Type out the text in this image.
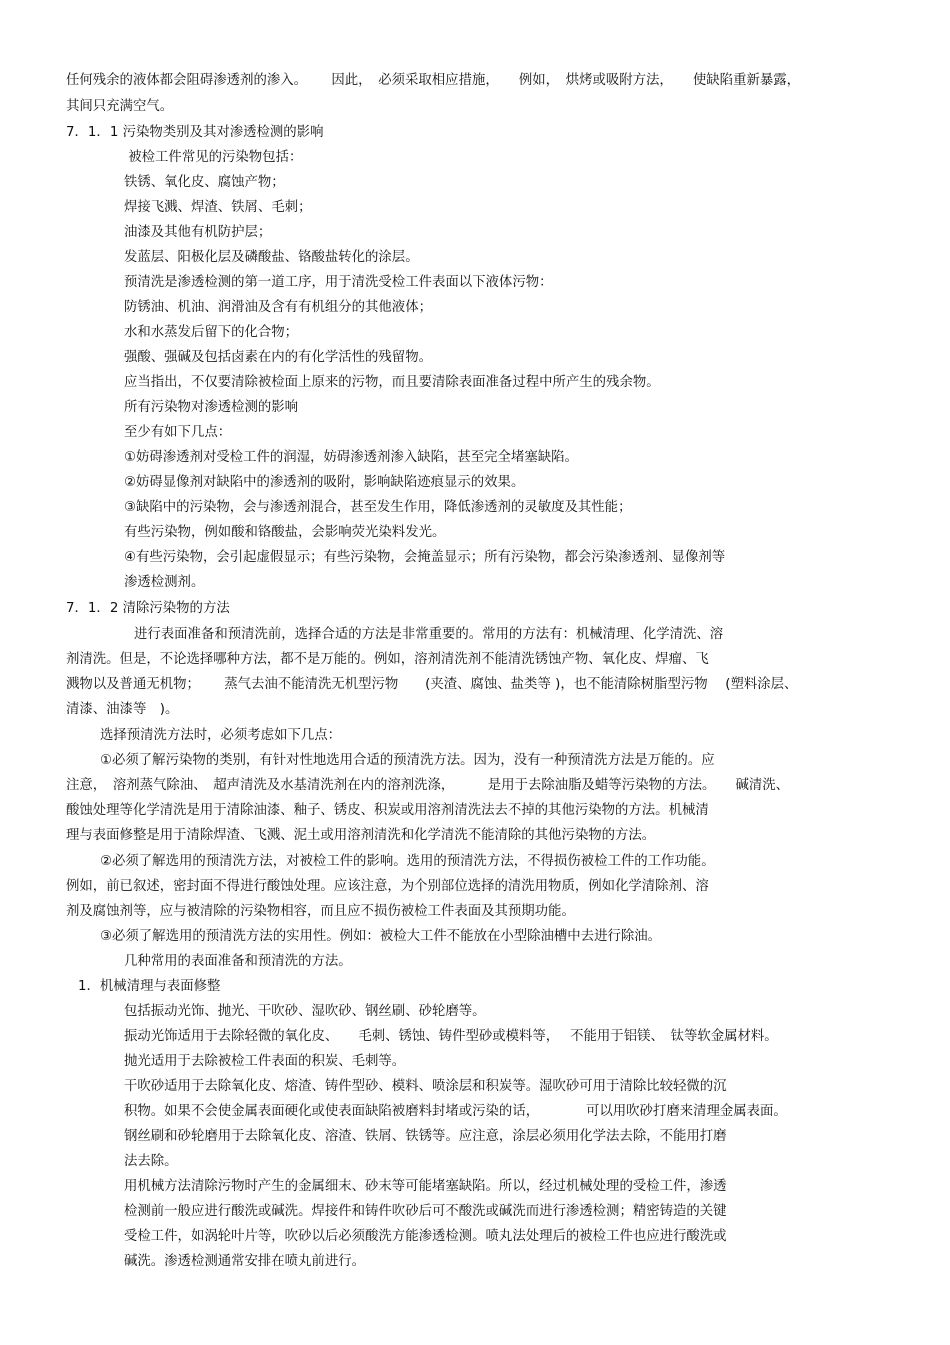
任何残余的液体都会阻碍渗透剂的渗入。　　 因此，　必须采取相应措施，　　例如，　烘烤或吸附方法，　　使缺陷重新暴露，
其间只充满空气。
7．1．1 污染物类别及其对渗透检测的影响
被检工件常见的污染物包括：
铁锈、氧化皮、腐蚀产物；
焊接飞溅、焊渣、铁屑、毛刺；
油漆及其他有机防护层；
发蓝层、阳极化层及磷酸盐、铬酸盐转化的涂层。
预清洗是渗透检测的第一道工序，用于清洗受检工件表面以下液体污物：
防锈油、机油、润滑油及含有有机组分的其他液体；
水和水蒸发后留下的化合物；
强酸、强碱及包括卤素在内的有化学活性的残留物。
应当指出，不仅要清除被检面上原来的污物，而且要清除表面准备过程中所产生的残余物。
所有污染物对渗透检测的影响
至少有如下几点：
①妨碍渗透剂对受检工件的润湿，妨碍渗透剂渗入缺陷，甚至完全堵塞缺陷。
②妨碍显像剂对缺陷中的渗透剂的吸附，影响缺陷迹痕显示的效果。
③缺陷中的污染物，会与渗透剂混合，甚至发生作用，降低渗透剂的灵敏度及其性能；
有些污染物，例如酸和铬酸盐，会影响荧光染料发光。
④有些污染物，会引起虚假显示；有些污染物，会掩盖显示；所有污染物，都会污染渗透剂、显像剂等
渗透检测剂。
7．1．2 清除污染物的方法
进行表面准备和预清洗前，选择合适的方法是非常重要的。常用的方法有：机械清理、化学清洗、溶
剂清洗。但是，不论选择哪种方法，都不是万能的。例如，溶剂清洗剂不能清洗锈蚀产物、氧化皮、焊瘤、飞
溅物以及普通无机物；　　 蒸气去油不能清洗无机型污物　　(夹渣、腐蚀、盐类等 )，也不能清除树脂型污物　 (塑料涂层、
清漆、油漆等　)。
选择预清洗方法时，必须考虑如下几点：
①必须了解污染物的类别，有针对性地选用合适的预清洗方法。因为，没有一种预清洗方法是万能的。应
注意，　溶剂蒸气除油、　超声清洗及水基清洗剂在内的溶剂洗涤，　　　是用于去除油脂及蜡等污染物的方法。　　碱清洗、
酸蚀处理等化学清洗是用于清除油漆、釉子、锈皮、积炭或用溶剂清洗法去不掉的其他污染物的方法。机械清
理与表面修整是用于清除焊渣、飞溅、泥土或用溶剂清洗和化学清洗不能清除的其他污染物的方法。
②必须了解选用的预清洗方法，对被检工件的影响。选用的预清洗方法，不得损伤被检工件的工作功能。
例如，前已叙述，密封面不得进行酸蚀处理。应该注意，为个别部位选择的清洗用物质，例如化学清除剂、溶
剂及腐蚀剂等，应与被清除的污染物相容，而且应不损伤被检工件表面及其预期功能。
③必须了解选用的预清洗方法的实用性。例如：被检大工件不能放在小型除油槽中去进行除油。
几种常用的表面准备和预清洗的方法。
1．机械清理与表面修整
包括振动光饰、抛光、干吹砂、湿吹砂、钢丝刷、砂轮磨等。
振动光饰适用于去除轻微的氧化皮、　　毛刺、锈蚀、铸件型砂或模料等，　 不能用于铝镁、　钛等软金属材料。
抛光适用于去除被检工件表面的积炭、毛刺等。
干吹砂适用于去除氧化皮、熔渣、铸件型砂、模料、喷涂层和积炭等。湿吹砂可用于清除比较轻微的沉
积物。如果不会使金属表面硬化或使表面缺陷被磨料封堵或污染的话，　　　　可以用吹砂打磨来清理金属表面。
钢丝刷和砂轮磨用于去除氧化皮、溶渣、铁屑、铁锈等。应注意，涂层必须用化学法去除，不能用打磨
法去除。
用机械方法清除污物时产生的金属细末、砂末等可能堵塞缺陷。所以，经过机械处理的受检工件，渗透
检测前一般应进行酸洗或碱洗。焊接件和铸件吹砂后可不酸洗或碱洗而进行渗透检测；精密铸造的关键
受检工件，如涡轮叶片等，吹砂以后必须酸洗方能渗透检测。喷丸法处理后的被检工件也应进行酸洗或
碱洗。渗透检测通常安排在喷丸前进行。
